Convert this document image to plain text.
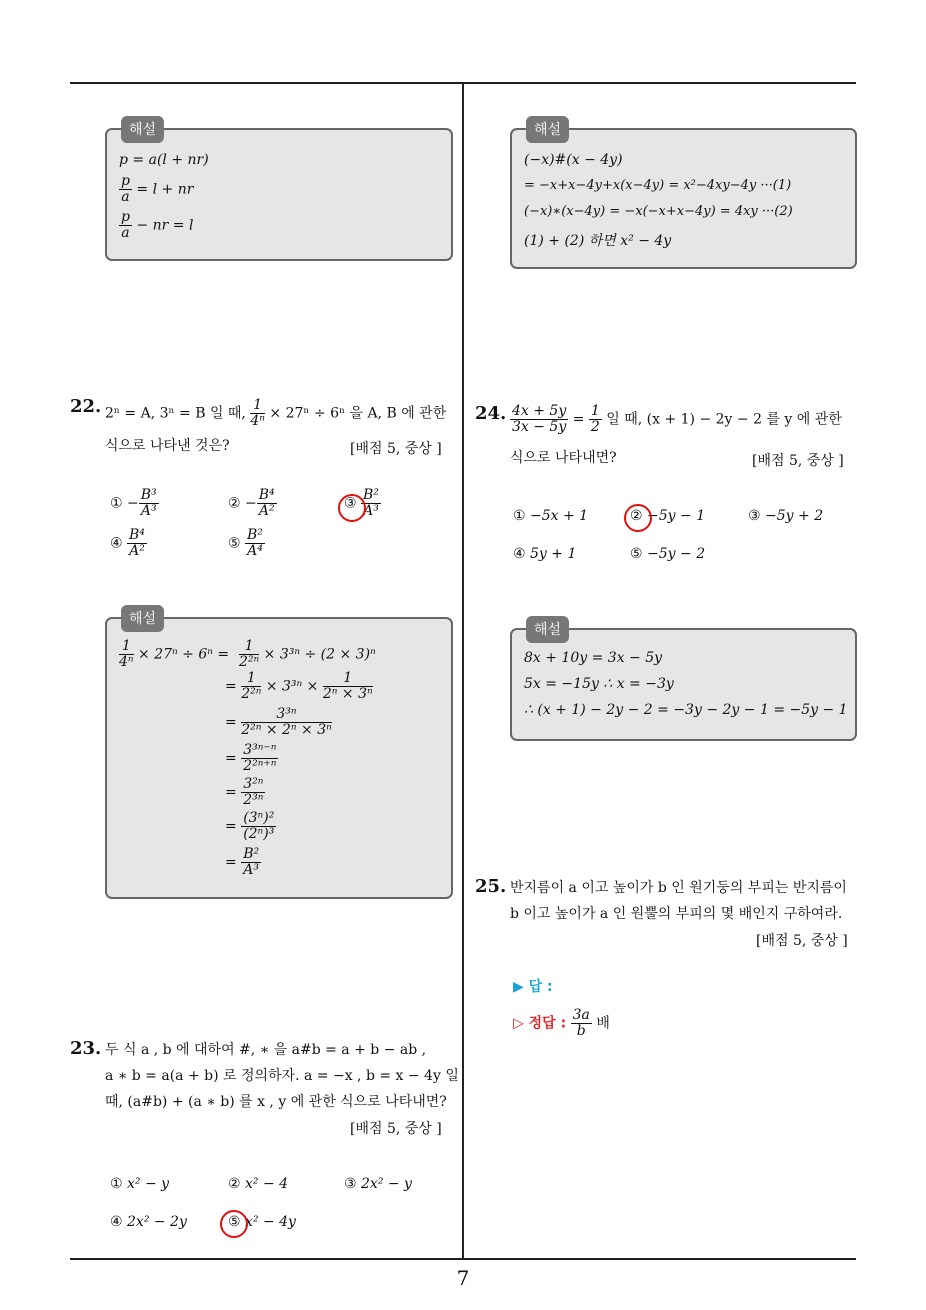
해설
p = a(l + nr)
$\frac{p}{a} = l$ + nr
$\frac{p}{a}$ − nr = l
22. 2ⁿ = A, 3ⁿ = B 일 때, $\frac{1}{\text{4ⁿ}} \times 27^n \div 6^n$ 을 A, B 에 관한
식으로 나타낸 것은?	[배점 5, 중상 ]
① − $\frac{\text{B³}}{\text{A³}}$	② − $\frac{\text{B⁴}}{\text{A²}}$	③ $\frac{\text{B²}}{\text{A³}}$
④ $\frac{\text{B⁴}}{\text{A²}}$	⑤ $\frac{\text{B²}}{\text{A⁴}}$
해설
$\frac{1}{\text{4ⁿ}} \times 27^n \div 6^n = \frac{1}{\text{2²ⁿ}} \times 3^{3n} \div (2 \times 3)^n$
= $\frac{1}{\text{2²ⁿ}} \times 3^{3n} \times \frac{1}{\text{2ⁿ × 3ⁿ}}$
= $\frac{\text{3³ⁿ}}{\text{2²ⁿ × 2ⁿ × 3ⁿ}}$
= $\frac{\text{3³ⁿ⁻ⁿ}}{\text{2²ⁿ⁺ⁿ}}$
= $\frac{\text{3²ⁿ}}{\text{2³ⁿ}}$
= $\frac{\text{(3ⁿ)²}}{\text{(2ⁿ)³}}$
= $\frac{\text{B²}}{\text{A³}}$
23. 두 식 a , b 에 대하여 #, ∗ 을 a#b = a + b − ab ,
a ∗ b = a(a + b) 로 정의하자. a = −x , b = x − 4y 일
때, (a#b) + (a ∗ b) 를 x , y 에 관한 식으로 나타내면?
[배점 5, 중상 ]
① x² − y	② x² − 4	③ 2x² − y
④ 2x² − 2y	⑤ x² − 4y
해설
(−x)#(x − 4y)
= −x+x−4y+x(x−4y) = x²−4xy−4y ···(1)
(−x)∗(x−4y) = −x(−x+x−4y) = 4xy ···(2)
(1) + (2) 하면 x² − 4y
24. $\frac{4x + 5y}{3x - 5y} = \frac{1}{2}$ 일 때, (x + 1) − 2y − 2 를 y 에 관한
식으로 나타내면?	[배점 5, 중상 ]
① −5x + 1	② −5y − 1	③ −5y + 2
④ 5y + 1	⑤ −5y − 2
해설
8x + 10y = 3x − 5y
5x = −15y ∴ x = −3y
∴ (x + 1) − 2y − 2 = −3y − 2y − 1 = −5y − 1
25. 반지름이 a 이고 높이가 b 인 원기둥의 부피는 반지름이
b 이고 높이가 a 인 원뿔의 부피의 몇 배인지 구하여라.
[배점 5, 중상 ]
▶ 답 :
▷ 정답 : $\frac{3a}{b}$ 배
7
